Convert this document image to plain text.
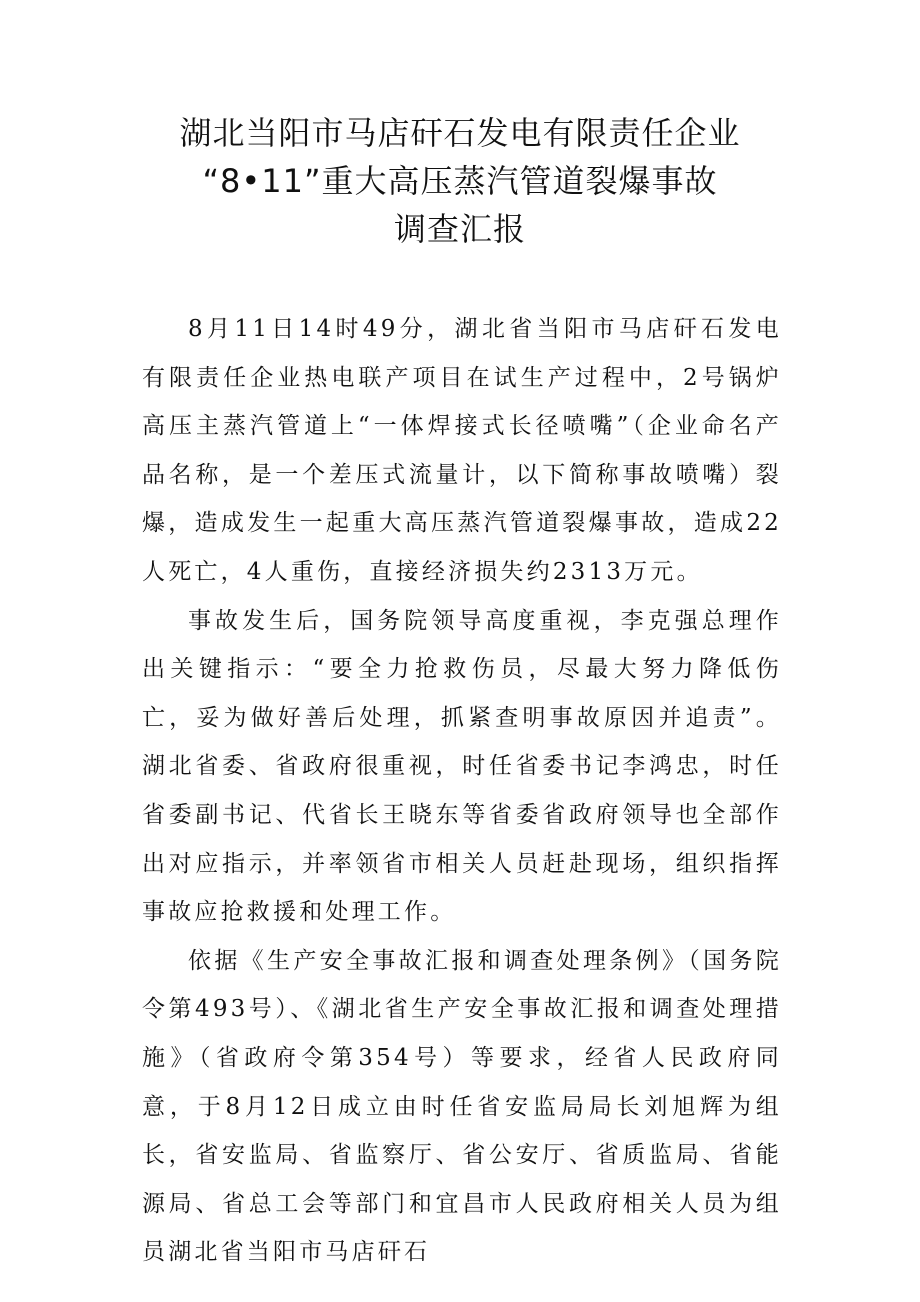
湖北当阳市马店矸石发电有限责任企业
“8•11”重大高压蒸汽管道裂爆事故
调查汇报

8月11日14时49分，湖北省当阳市马店矸石发电有限责任企业热电联产项目在试生产过程中，2号锅炉高压主蒸汽管道上“一体焊接式长径喷嘴”（企业命名产品名称，是一个差压式流量计，以下简称事故喷嘴）裂爆，造成发生一起重大高压蒸汽管道裂爆事故，造成22人死亡，4人重伤，直接经济损失约2313万元。

事故发生后，国务院领导高度重视，李克强总理作出关键指示：“要全力抢救伤员，尽最大努力降低伤亡，妥为做好善后处理，抓紧查明事故原因并追责”。湖北省委、省政府很重视，时任省委书记李鸿忠，时任省委副书记、代省长王晓东等省委省政府领导也全部作出对应指示，并率领省市相关人员赶赴现场，组织指挥事故应抢救援和处理工作。

依据《生产安全事故汇报和调查处理条例》（国务院令第493号）、《湖北省生产安全事故汇报和调查处理措施》（省政府令第354号）等要求，经省人民政府同意，于8月12日成立由时任省安监局局长刘旭辉为组长，省安监局、省监察厅、省公安厅、省质监局、省能源局、省总工会等部门和宜昌市人民政府相关人员为组员湖北省当阳市马店矸石
